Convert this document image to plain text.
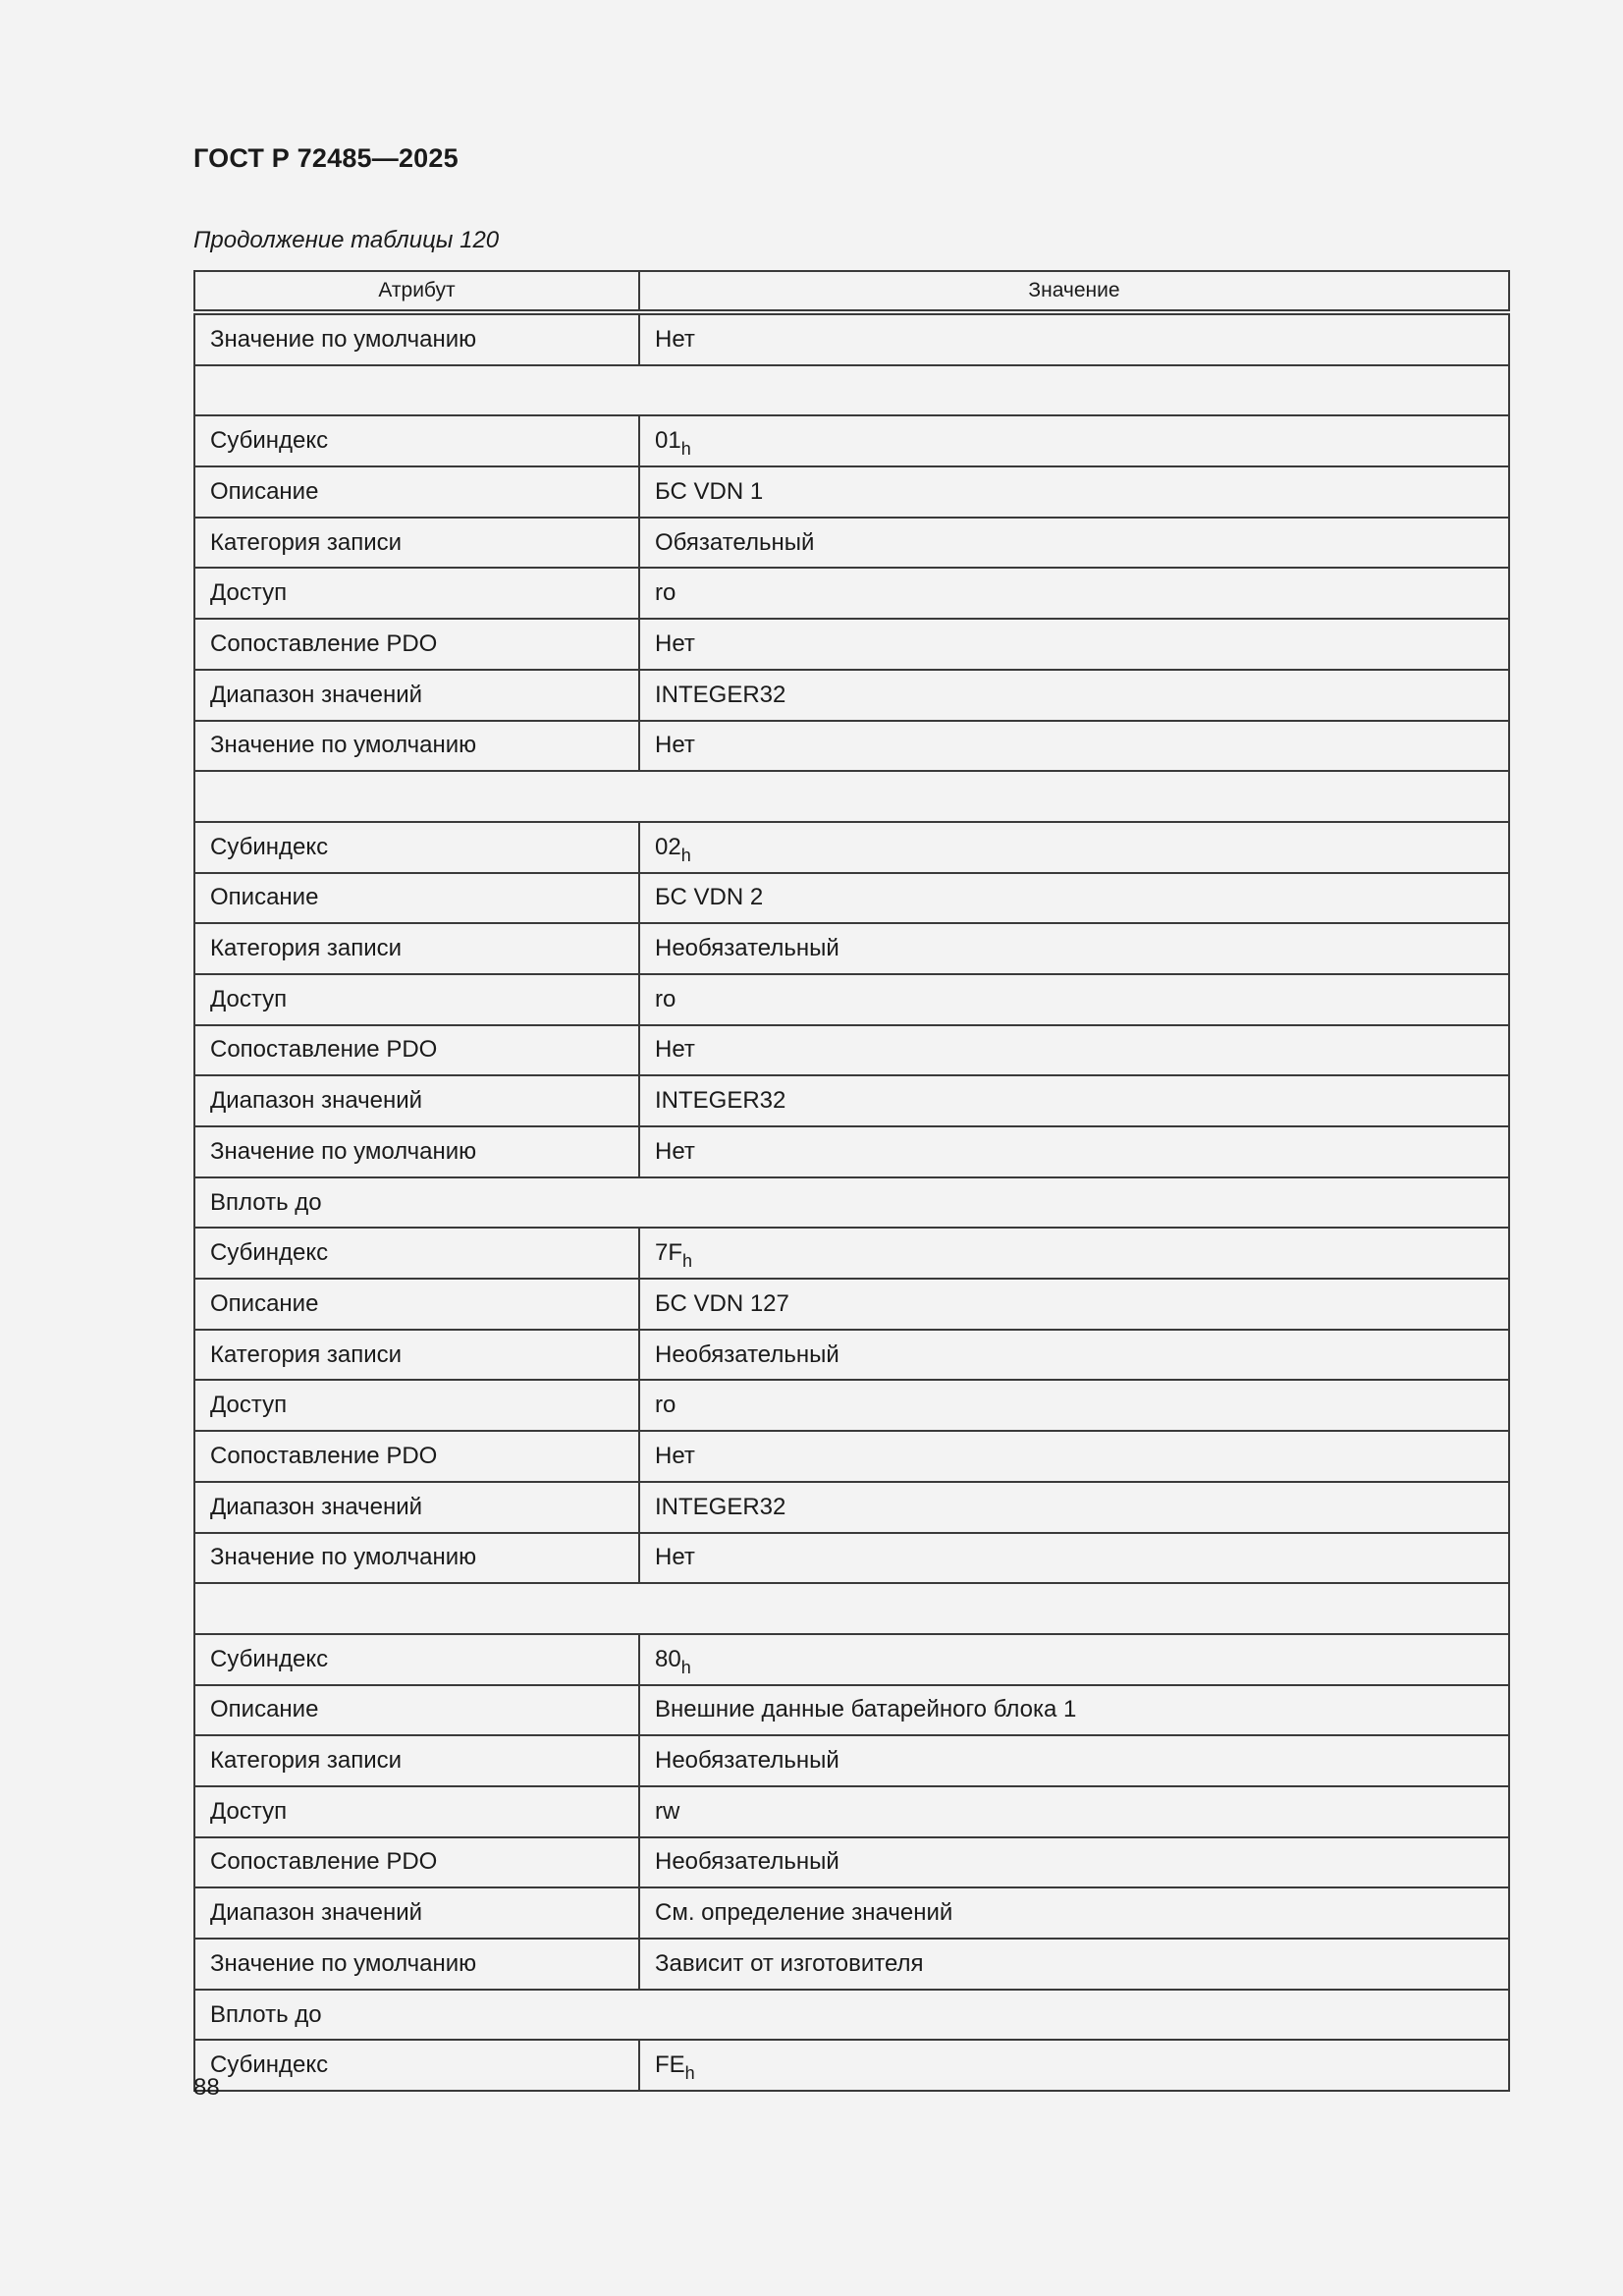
ГОСТ Р 72485—2025

Продолжение таблицы 120

Атрибут	Значение
Значение по умолчанию	Нет

Субиндекс	$01_h$
Описание	БС VDN 1
Категория записи	Обязательный
Доступ	ro
Сопоставление PDO	Нет
Диапазон значений	INTEGER32
Значение по умолчанию	Нет

Субиндекс	$02_h$
Описание	БС VDN 2
Категория записи	Необязательный
Доступ	ro
Сопоставление PDO	Нет
Диапазон значений	INTEGER32
Значение по умолчанию	Нет
Вплоть до	
Субиндекс	$7F_h$
Описание	БС VDN 127
Категория записи	Необязательный
Доступ	ro
Сопоставление PDO	Нет
Диапазон значений	INTEGER32
Значение по умолчанию	Нет

Субиндекс	$80_h$
Описание	Внешние данные батарейного блока 1
Категория записи	Необязательный
Доступ	rw
Сопоставление PDO	Необязательный
Диапазон значений	См. определение значений
Значение по умолчанию	Зависит от изготовителя
Вплоть до	
Субиндекс	$FE_h$

88
